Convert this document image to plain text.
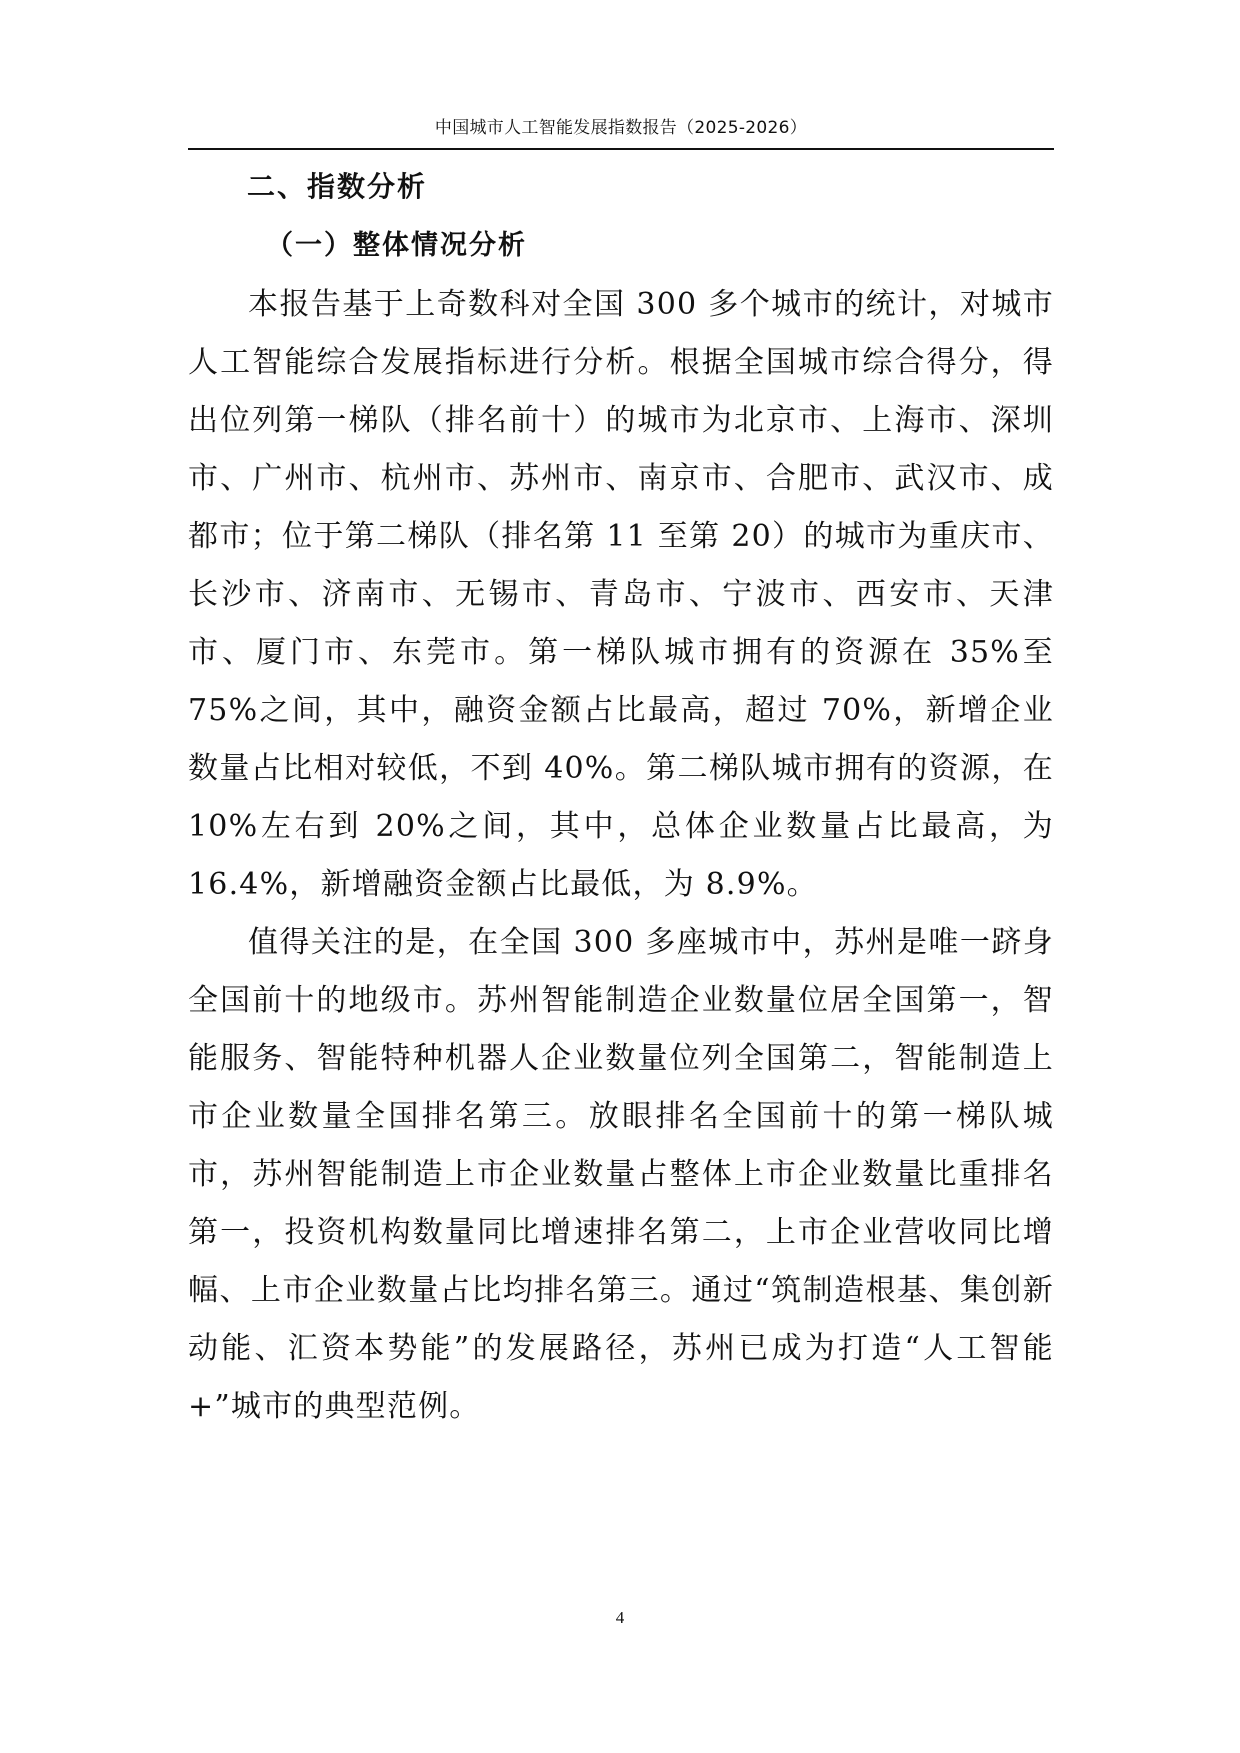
中国城市人工智能发展指数报告（2025-2026）
二、指数分析
（一）整体情况分析

本报告基于上奇数科对全国 300 多个城市的统计，对城市人工智能综合发展指标进行分析。根据全国城市综合得分，得出位列第一梯队（排名前十）的城市为北京市、上海市、深圳市、广州市、杭州市、苏州市、南京市、合肥市、武汉市、成都市；位于第二梯队（排名第 11 至第 20）的城市为重庆市、长沙市、济南市、无锡市、青岛市、宁波市、西安市、天津市、厦门市、东莞市。第一梯队城市拥有的资源在 35%至 75%之间，其中，融资金额占比最高，超过 70%，新增企业数量占比相对较低，不到 40%。第二梯队城市拥有的资源，在 10%左右到 20%之间，其中，总体企业数量占比最高，为 16.4%，新增融资金额占比最低，为 8.9%。

值得关注的是，在全国 300 多座城市中，苏州是唯一跻身全国前十的地级市。苏州智能制造企业数量位居全国第一，智能服务、智能特种机器人企业数量位列全国第二，智能制造上市企业数量全国排名第三。放眼排名全国前十的第一梯队城市，苏州智能制造上市企业数量占整体上市企业数量比重排名第一，投资机构数量同比增速排名第二，上市企业营收同比增幅、上市企业数量占比均排名第三。通过“筑制造根基、集创新动能、汇资本势能”的发展路径，苏州已成为打造“人工智能+”城市的典型范例。

4
